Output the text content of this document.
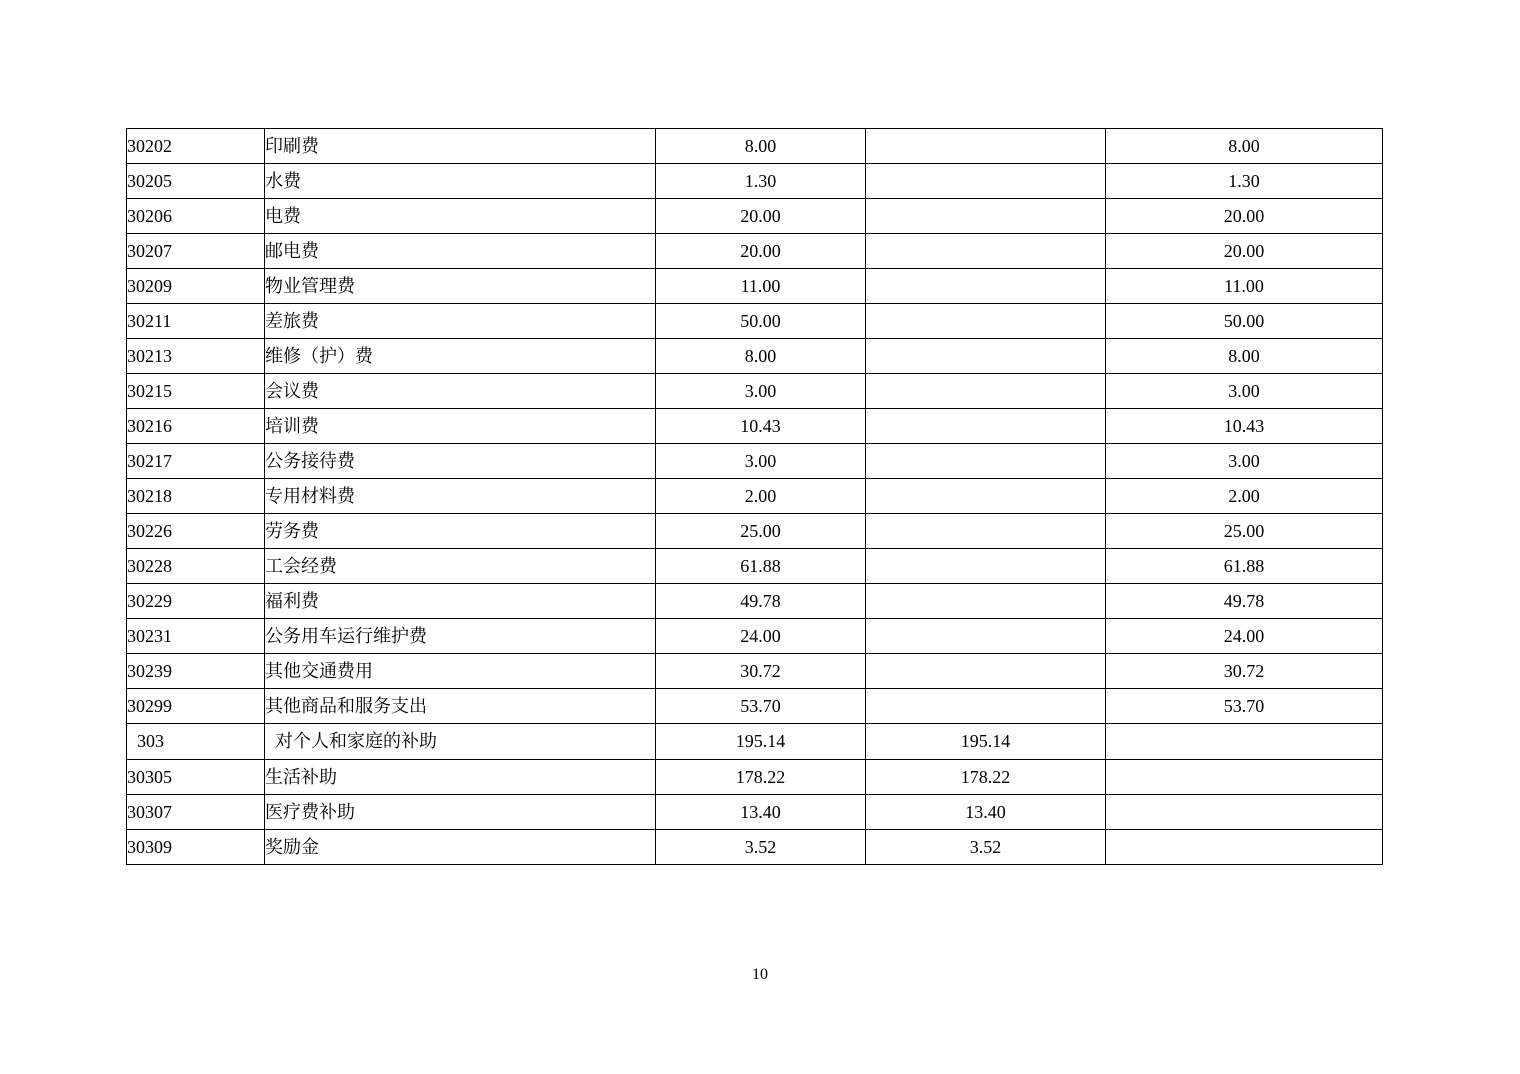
30202	印刷费	8.00		8.00
30205	水费	1.30		1.30
30206	电费	20.00		20.00
30207	邮电费	20.00		20.00
30209	物业管理费	11.00		11.00
30211	差旅费	50.00		50.00
30213	维修（护）费	8.00		8.00
30215	会议费	3.00		3.00
30216	培训费	10.43		10.43
30217	公务接待费	3.00		3.00
30218	专用材料费	2.00		2.00
30226	劳务费	25.00		25.00
30228	工会经费	61.88		61.88
30229	福利费	49.78		49.78
30231	公务用车运行维护费	24.00		24.00
30239	其他交通费用	30.72		30.72
30299	其他商品和服务支出	53.70		53.70
303	对个人和家庭的补助	195.14	195.14	
30305	生活补助	178.22	178.22	
30307	医疗费补助	13.40	13.40	
30309	奖励金	3.52	3.52	
10
